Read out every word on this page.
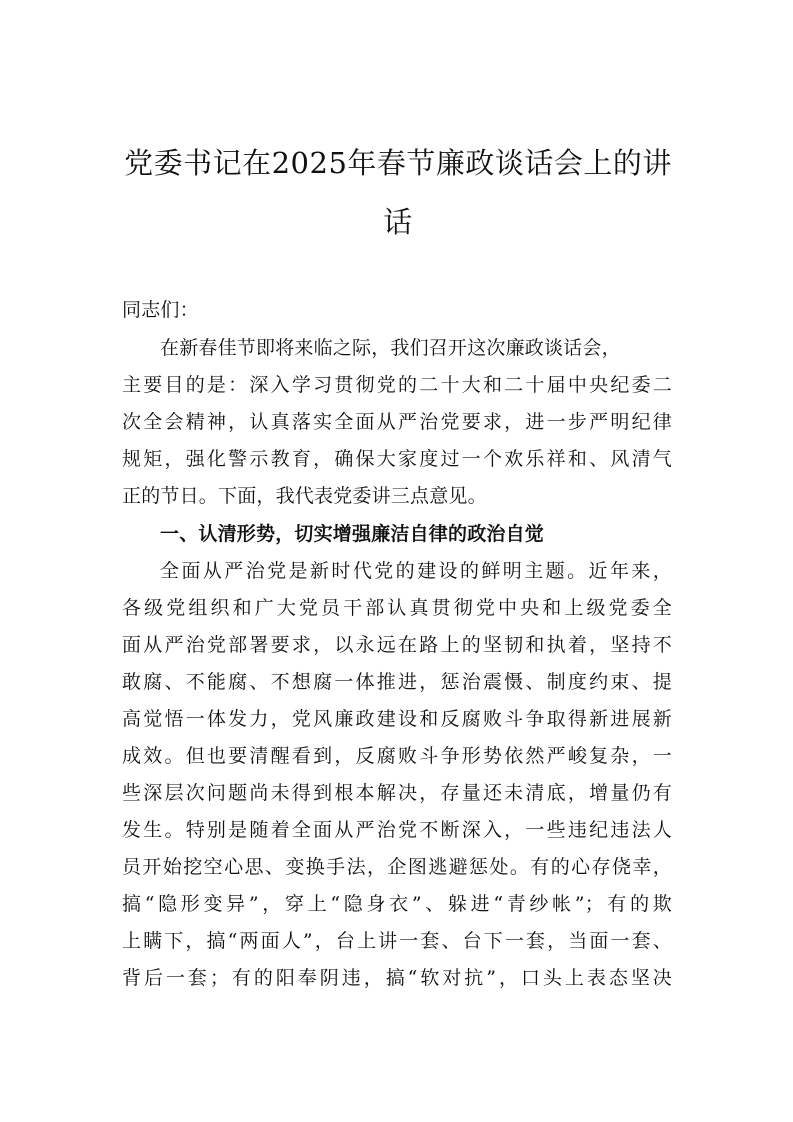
党委书记在2025年春节廉政谈话会上的讲
话
同志们：
在新春佳节即将来临之际，我们召开这次廉政谈话会，
主要目的是：深入学习贯彻党的二十大和二十届中央纪委二
次全会精神，认真落实全面从严治党要求，进一步严明纪律
规矩，强化警示教育，确保大家度过一个欢乐祥和、风清气
正的节日。下面，我代表党委讲三点意见。
一、认清形势，切实增强廉洁自律的政治自觉
全面从严治党是新时代党的建设的鲜明主题。近年来，
各级党组织和广大党员干部认真贯彻党中央和上级党委全
面从严治党部署要求，以永远在路上的坚韧和执着，坚持不
敢腐、不能腐、不想腐一体推进，惩治震慑、制度约束、提
高觉悟一体发力，党风廉政建设和反腐败斗争取得新进展新
成效。但也要清醒看到，反腐败斗争形势依然严峻复杂，一
些深层次问题尚未得到根本解决，存量还未清底，增量仍有
发生。特别是随着全面从严治党不断深入，一些违纪违法人
员开始挖空心思、变换手法，企图逃避惩处。有的心存侥幸，
搞“隐形变异”，穿上“隐身衣”、躲进“青纱帐”；有的欺
上瞒下，搞“两面人”，台上讲一套、台下一套，当面一套、
背后一套；有的阳奉阴违，搞“软对抗”，口头上表态坚决
